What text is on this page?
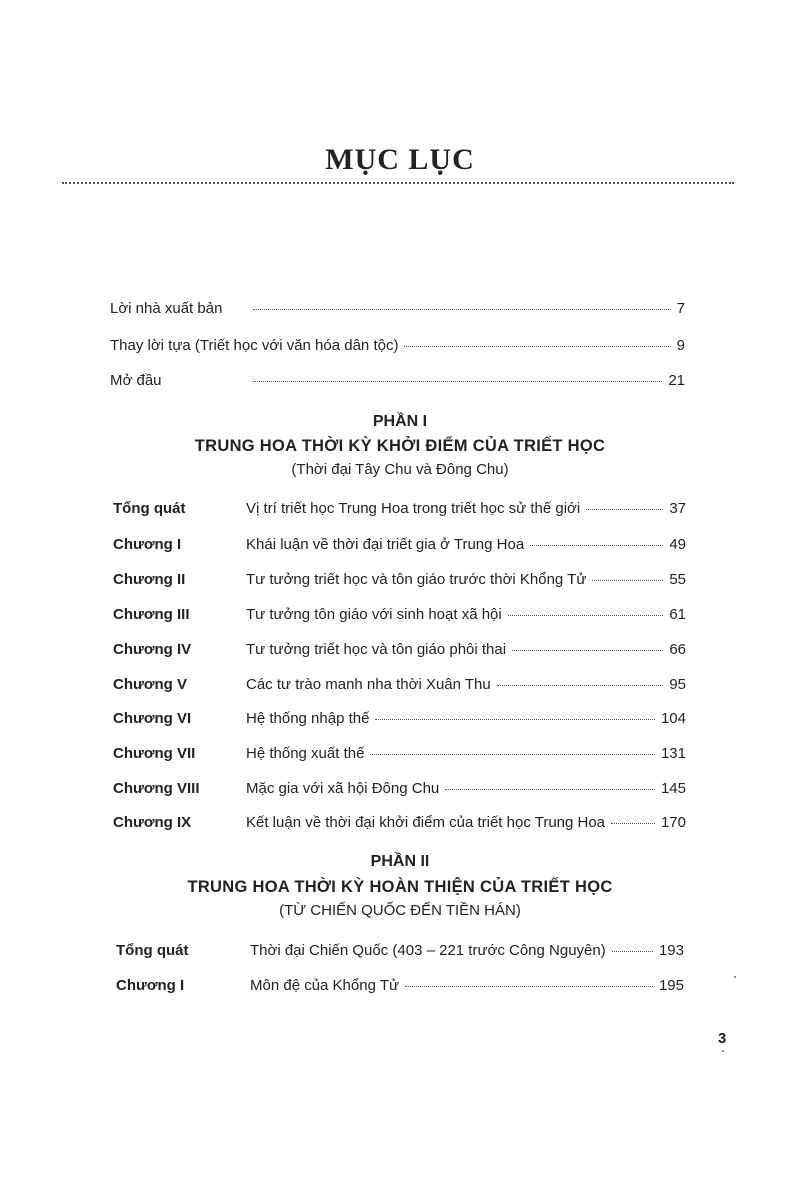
MỤC LỤC
Lời nhà xuất bản	7
Thay lời tựa (Triết học với văn hóa dân tộc)	9
Mở đầu	21
PHẦN I
TRUNG HOA THỜI KỲ KHỞI ĐIỂM CỦA TRIẾT HỌC
(Thời đại Tây Chu và Đông Chu)
Tổng quát	Vị trí triết học Trung Hoa trong triết học sử thế giới	37
Chương I	Khái luận về thời đại triết gia ở Trung Hoa	49
Chương II	Tư tưởng triết học và tôn giáo trước thời Khổng Tử	55
Chương III	Tư tưởng tôn giáo với sinh hoạt xã hội	61
Chương IV	Tư tưởng triết học và tôn giáo phôi thai	66
Chương V	Các tư trào manh nha thời Xuân Thu	95
Chương VI	Hệ thống nhập thế	104
Chương VII	Hệ thống xuất thế	131
Chương VIII	Mặc gia với xã hội Đông Chu	145
Chương IX	Kết luận về thời đại khởi điểm của triết học Trung Hoa	170
PHẦN II
TRUNG HOA THỜI KỲ HOÀN THIỆN CỦA TRIẾT HỌC
(TỪ CHIẾN QUỐC ĐẾN TIỀN HÁN)
Tổng quát	Thời đại Chiến Quốc (403 – 221 trước Công Nguyên)	193
Chương I	Môn đệ của Khổng Tử	195
3
